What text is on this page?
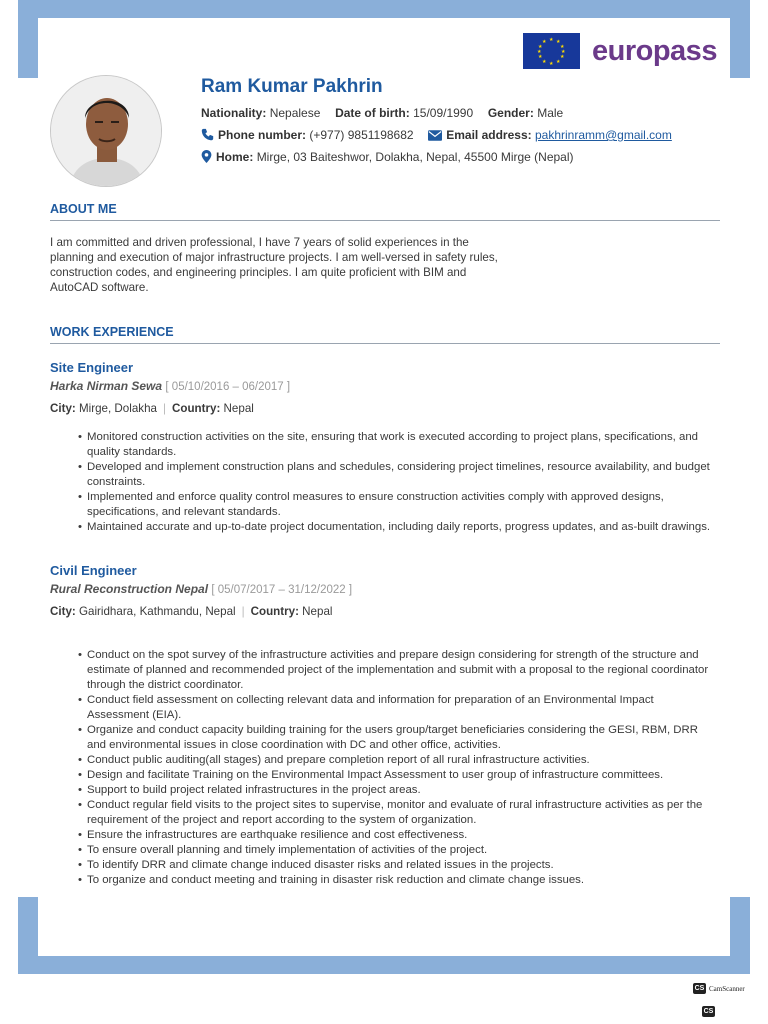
★ ★
★
★
★
★
★
★
★
★
★
★ europass
Ram Kumar Pakhrin
Nationality: Nepalese Date of birth: 15/09/1990 Gender: Male
Phone number: (+977) 9851198682	Email address: pakhrinramm@gmail.com
Home: Mirge, 03 Baiteshwor, Dolakha, Nepal, 45500 Mirge (Nepal)
ABOUT ME
I am committed and driven professional, I have 7 years of solid experiences in the planning and execution of major infrastructure projects. I am well-versed in safety rules, construction codes, and engineering principles. I am quite proficient with BIM and AutoCAD software.
WORK EXPERIENCE
Site Engineer
Harka Nirman Sewa [ 05/10/2016 – 06/2017 ]
City: Mirge, Dolakha | Country: Nepal
• Monitored construction activities on the site, ensuring that work is executed according to project plans, specifications, and quality standards.
• Developed and implement construction plans and schedules, considering project timelines, resource availability, and budget constraints.
• Implemented and enforce quality control measures to ensure construction activities comply with approved designs, specifications, and relevant standards.
• Maintained accurate and up-to-date project documentation, including daily reports, progress updates, and as-built drawings.
Civil Engineer
Rural Reconstruction Nepal [ 05/07/2017 – 31/12/2022 ]
City: Gairidhara, Kathmandu, Nepal | Country: Nepal
• Conduct on the spot survey of the infrastructure activities and prepare design considering for strength of the structure and estimate of planned and recommended project of the implementation and submit with a proposal to the regional coordinator through the district coordinator.
• Conduct field assessment on collecting relevant data and information for preparation of an Environmental Impact Assessment (EIA).
• Organize and conduct capacity building training for the users group/target beneficiaries considering the GESI, RBM, DRR and environmental issues in close coordination with DC and other office, activities.
• Conduct public auditing(all stages) and prepare completion report of all rural infrastructure activities.
• Design and facilitate Training on the Environmental Impact Assessment to user group of infrastructure committees.
• Support to build project related infrastructures in the project areas.
• Conduct regular field visits to the project sites to supervise, monitor and evaluate of rural infrastructure activities as per the requirement of the project and report according to the system of organization.
• Ensure the infrastructures are earthquake resilience and cost effectiveness.
• To ensure overall planning and timely implementation of activities of the project.
• To identify DRR and climate change induced disaster risks and related issues in the projects.
• To organize and conduct meeting and training in disaster risk reduction and climate change issues.
CS CamScanner
CS
